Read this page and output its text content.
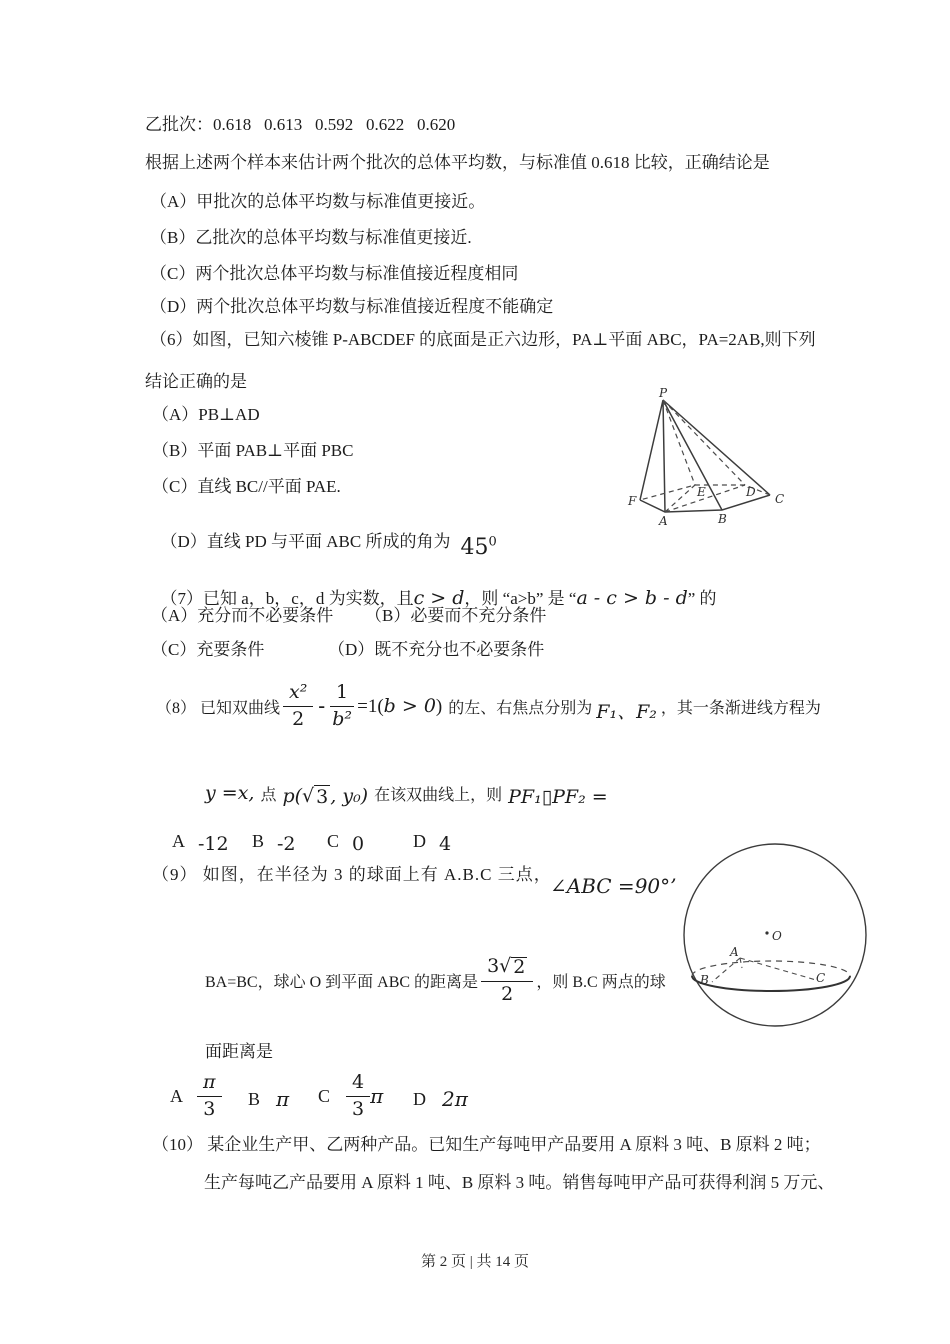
乙批次：0.618   0.613   0.592   0.622   0.620
根据上述两个样本来估计两个批次的总体平均数，与标准值 0.618 比较，正确结论是
（A）甲批次的总体平均数与标准值更接近。
（B）乙批次的总体平均数与标准值更接近.
（C）两个批次总体平均数与标准值接近程度相同
（D）两个批次总体平均数与标准值接近程度不能确定
（6）如图，已知六棱锥 P-ABCDEF 的底面是正六边形，PA⊥平面 ABC，PA=2AB,则下列
结论正确的是
（A）PB⊥AD
（B）平面 PAB⊥平面 PBC
（C）直线 BC//平面 PAE.

（D）直线 PD 与平面 ABC 所成的角为 $45^0$

P
F
A	B
C
E	D

（7）已知 a，b，c，d 为实数，且c > d，则 “a>b” 是 “a - c > b - d” 的

（A）充分而不必要条件 （B）必要而不充分条件
（C）充要条件	（D）既不充分也不必要条件
（8） 已知双曲线 $\frac{\text{x²}}{2} - \frac{1}{\text{b²}} =1(b > 0)$ 的左、右焦点分别为 F₁、F₂ ，其一条渐进线方程为
y =x, 点 p( √ 3 , y₀) 在该双曲线上，则 PF₁▯PF₂ =
A -12 B -2 C 0	D 4
（9） 如图，在半径为 3 的球面上有 A.B.C 三点，
∠ABC =90°’
BA=BC，球心 O 到平面 ABC 的距离是 $\frac{3 √ 2}{2}$ ，则 B.C 两点的球
面距离是
O
A
B	C
A $\frac{\pi}{3}$ B π C $\frac{4}{3}$ π D 2π
（10） 某企业生产甲、乙两种产品。已知生产每吨甲产品要用 A 原料 3 吨、B 原料 2 吨；
生产每吨乙产品要用 A 原料 1 吨、B 原料 3 吨。销售每吨甲产品可获得利润 5 万元、
第 2 页 | 共 14 页
